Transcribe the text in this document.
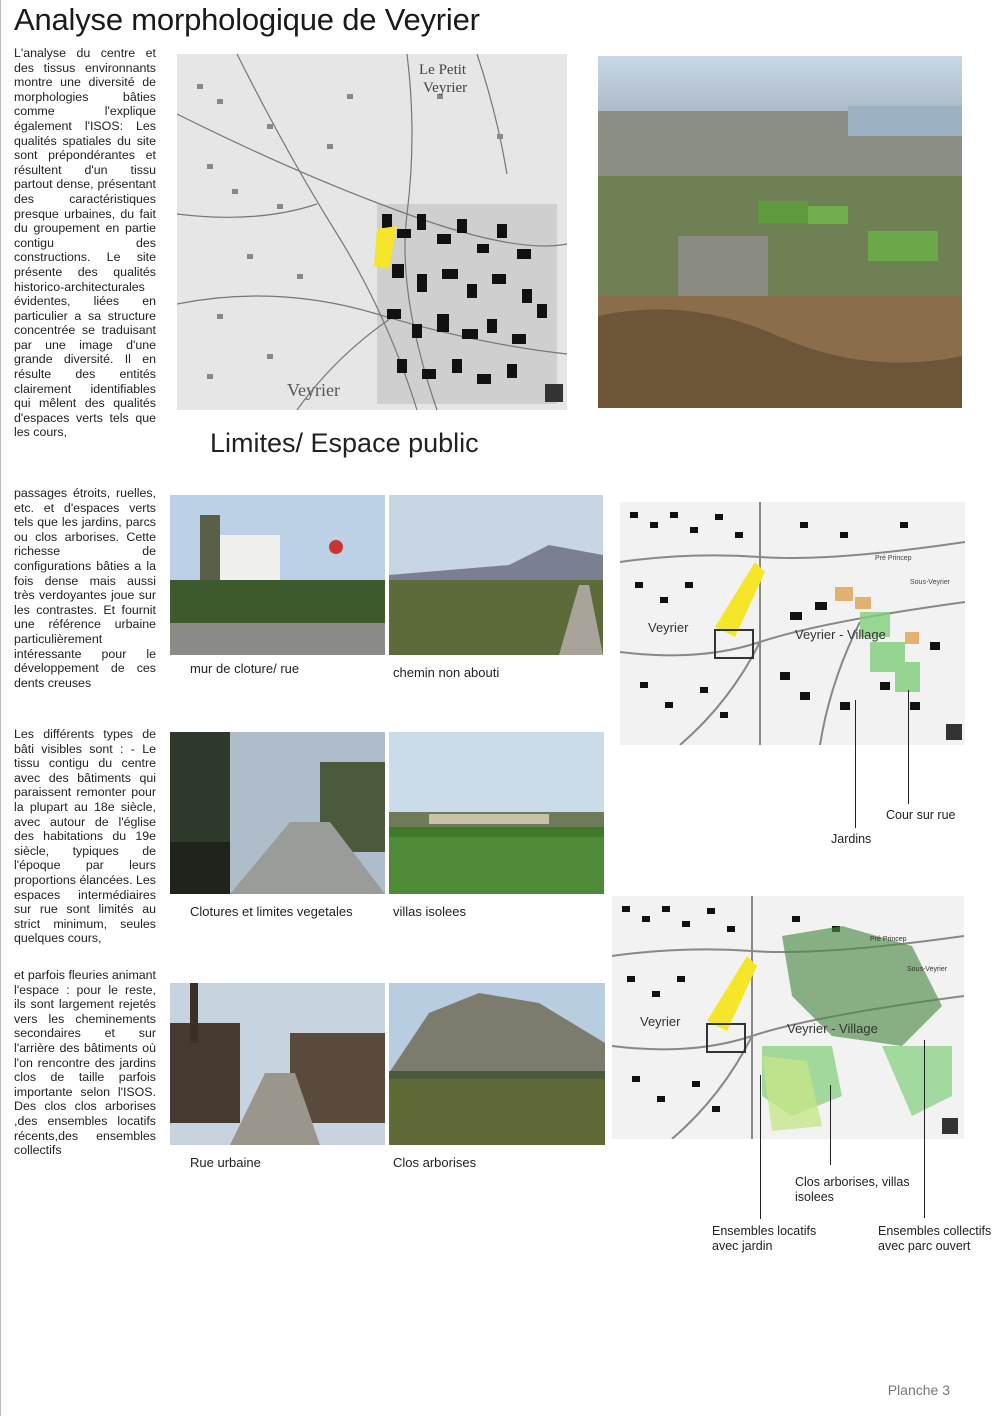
Analyse morphologique de Veyrier
L'analyse du centre et des tissus environnants montre une diversité de morphologies bâties comme l'explique également l'ISOS: Les qualités spatiales du site sont prépondérantes et résultent d'un tissu partout dense, présentant des caractéristiques presque urbaines, du fait du groupement en partie contigu des constructions. Le site présente des qualités historico-architecturales évidentes, liées en particulier a sa structure concentrée se traduisant par une image d'une grande diversité. Il en résulte des entités clairement identifiables qui mêlent des qualités d'espaces verts tels que les cours,
Le Petit
Veyrier
Veyrier
Limites/ Espace public
passages étroits, ruelles, etc. et d'espaces verts tels que les jardins, parcs ou clos arborises. Cette richesse de configurations bâties a la fois dense mais aussi très verdoyantes joue sur les contrastes. Et fournit une référence urbaine particulièrement intéressante pour le développement de ces dents creuses
mur de cloture/ rue	chemin non abouti
Veyrier	Veyrier - Village
Pré Princep
Sous-Veyrier
Cour sur rue
Jardins
Les différents types de bâti visibles sont : - Le tissu contigu du centre avec des bâtiments qui paraissent remonter pour la plupart au 18e siècle, avec autour de l'église des habitations du 19e siècle, typiques de l'époque par leurs proportions élancées. Les espaces intermédiaires sur rue sont limités au strict minimum, seules quelques cours,
Clotures et limites vegetales	villas isolees
Veyrier	Veyrier - Village
Pré Princep
Sous-Veyrier
Clos arborises, villas isolees
Ensembles locatifs avec jardin
Ensembles collectifs avec parc ouvert
et parfois fleuries animant l'espace : pour le reste, ils sont largement rejetés vers les cheminements secondaires et sur l'arrière des bâtiments où l'on rencontre des jardins clos de taille parfois importante selon l'ISOS. Des clos clos arborises ,des ensembles locatifs récents,des ensembles collectifs
Rue urbaine	Clos arborises
Planche 3
